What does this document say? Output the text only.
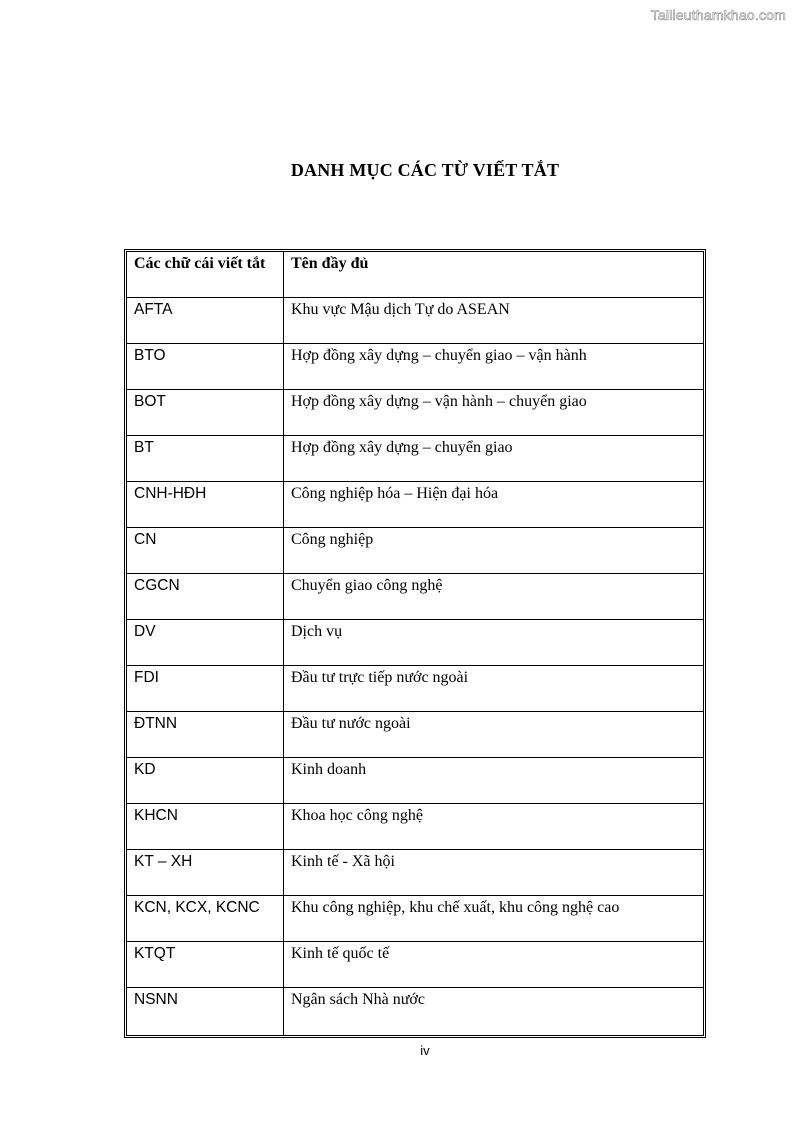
Tailieuthamkhao.com
DANH MỤC CÁC TỪ VIẾT TẮT
Các chữ cái viết tắt	Tên đầy đủ
AFTA	Khu vực Mậu dịch Tự do ASEAN
BTO	Hợp đồng xây dựng – chuyển giao – vận hành
BOT	Hợp đồng xây dựng – vận hành – chuyển giao
BT	Hợp đồng xây dựng – chuyển giao
CNH-HĐH	Công nghiệp hóa – Hiện đại hóa
CN	Công nghiệp
CGCN	Chuyển giao công nghệ
DV	Dịch vụ
FDI	Đầu tư trực tiếp nước ngoài
ĐTNN	Đầu tư nước ngoài
KD	Kinh doanh
KHCN	Khoa học công nghệ
KT – XH	Kinh tế - Xã hội
KCN, KCX, KCNC	Khu công nghiệp, khu chế xuất, khu công nghệ cao
KTQT	Kinh tế quốc tế
NSNN	Ngân sách Nhà nước
iv
